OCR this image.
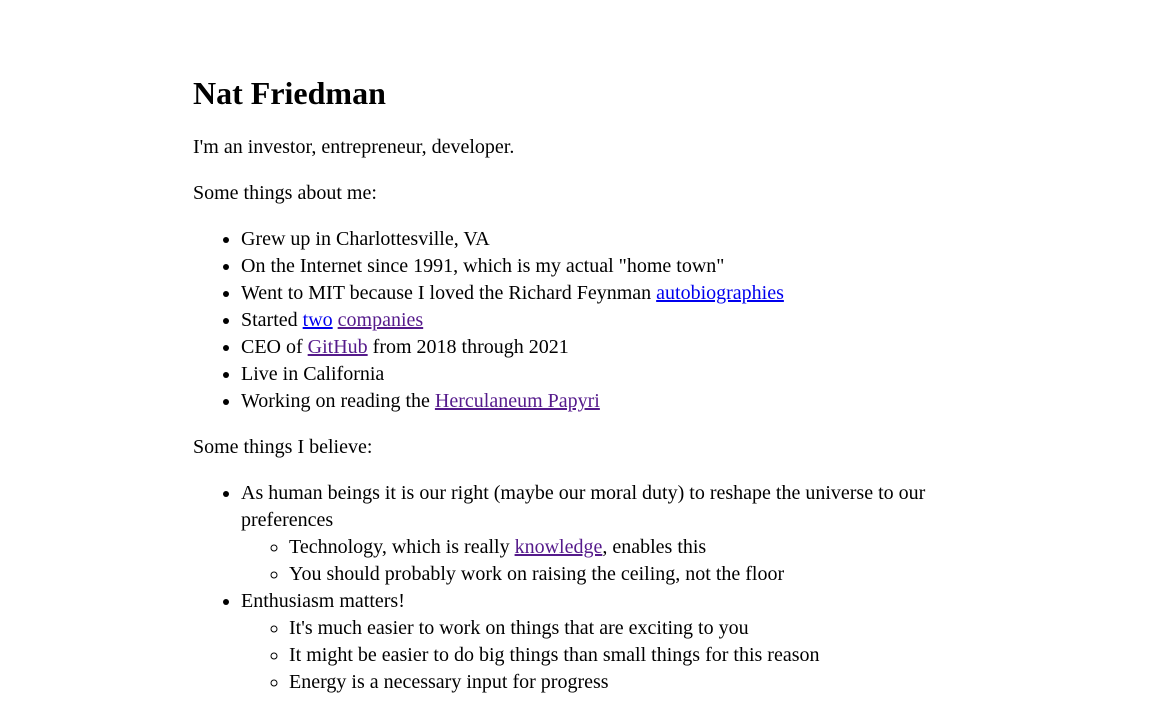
Nat Friedman

I'm an investor, entrepreneur, developer.

Some things about me:

• Grew up in Charlottesville, VA
• On the Internet since 1991, which is my actual "home town"
• Went to MIT because I loved the Richard Feynman autobiographies
• Started two companies
• CEO of GitHub from 2018 through 2021
• Live in California
• Working on reading the Herculaneum Papyri

Some things I believe:

• As human beings it is our right (maybe our moral duty) to reshape the universe to our preferences
◦ Technology, which is really knowledge, enables this
◦ You should probably work on raising the ceiling, not the floor
• Enthusiasm matters!
◦ It's much easier to work on things that are exciting to you
◦ It might be easier to do big things than small things for this reason
◦ Energy is a necessary input for progress
